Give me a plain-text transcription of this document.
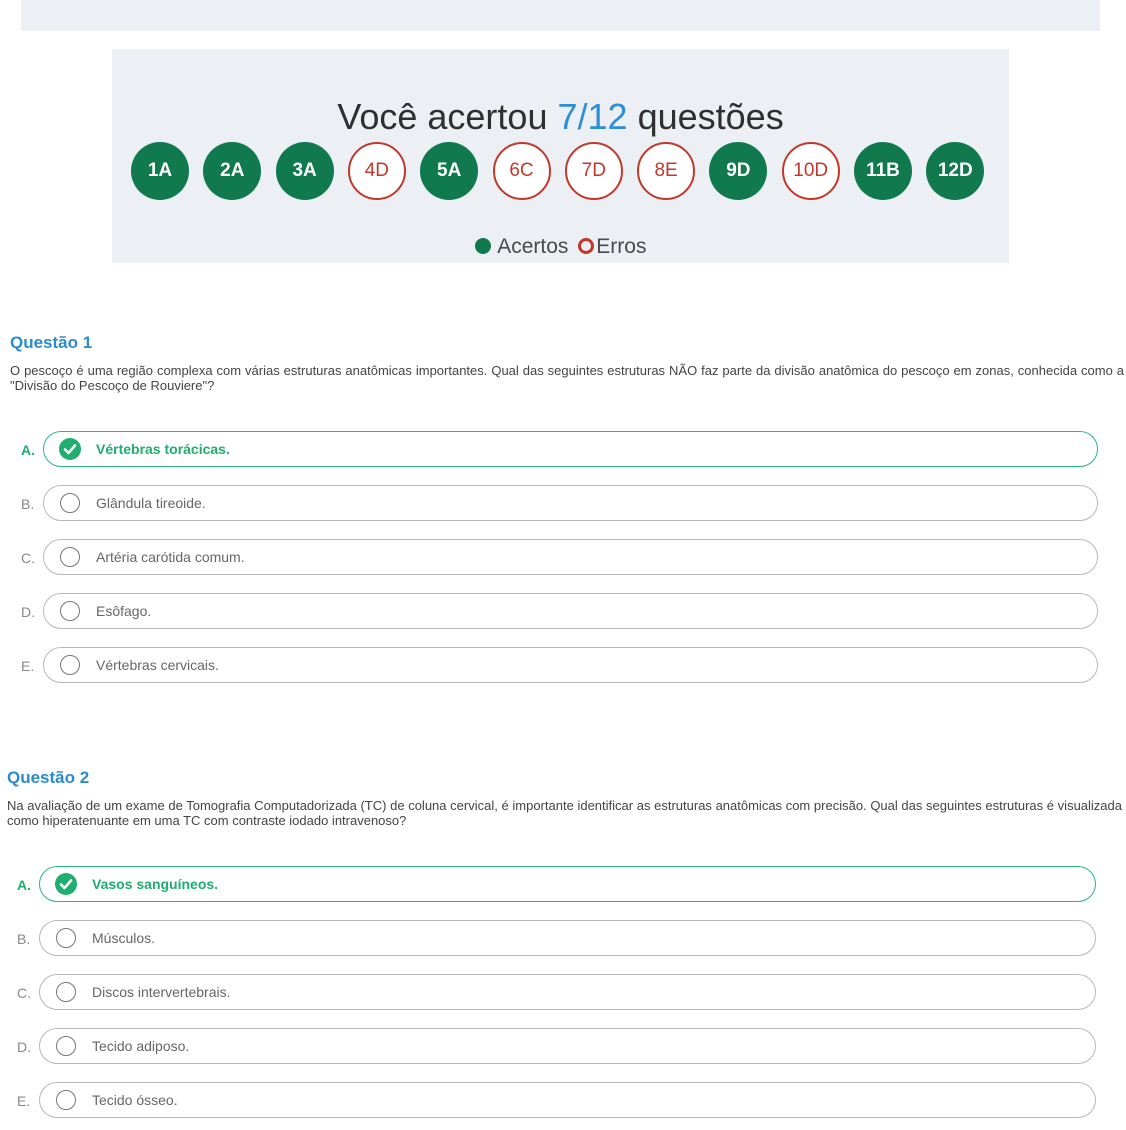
Você acertou 7/12 questões
1A	2A	3A	4D	5A	6C	7D	8E	9D	10D	11B	12D
Acertos Erros
Questão 1
O pescoço é uma região complexa com várias estruturas anatômicas importantes. Qual das seguintes estruturas NÃO faz parte da divisão anatômica do pescoço em zonas, conhecida como a "Divisão do Pescoço de Rouviere"?
A.	Vértebras torácicas.
B.	Glândula tireoide.
C.	Artéria carótida comum.
D.	Esôfago.
E.	Vértebras cervicais.
Questão 2
Na avaliação de um exame de Tomografia Computadorizada (TC) de coluna cervical, é importante identificar as estruturas anatômicas com precisão. Qual das seguintes estruturas é visualizada como hiperatenuante em uma TC com contraste iodado intravenoso?
A.	Vasos sanguíneos.
B.	Músculos.
C.	Discos intervertebrais.
D.	Tecido adiposo.
E.	Tecido ósseo.
